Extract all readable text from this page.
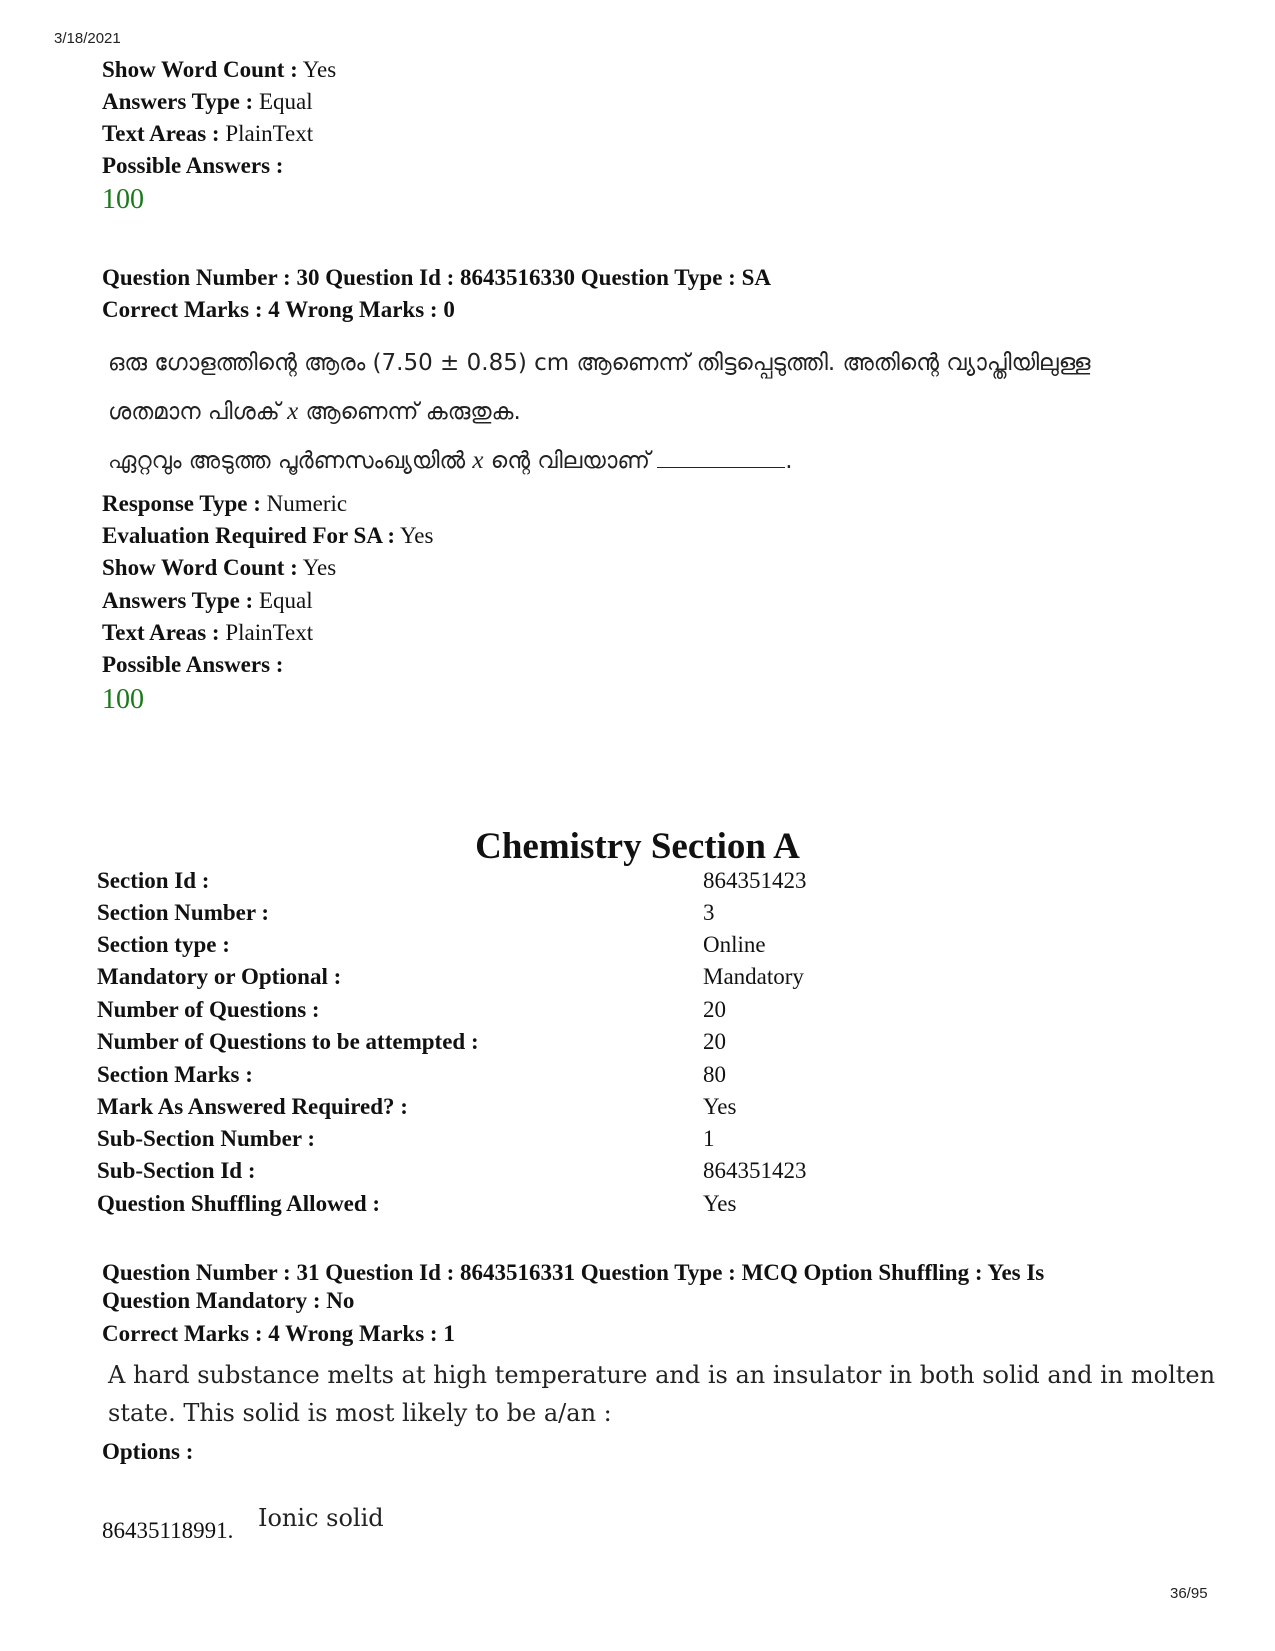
3/18/2021
Show Word Count : Yes
Answers Type : Equal
Text Areas : PlainText
Possible Answers :
100
Question Number : 30 Question Id : 8643516330 Question Type : SA
Correct Marks : 4 Wrong Marks : 0
ഒരു ഗോളത്തിന്റെ ആരം (7.50 ± 0.85) cm ആണെന്ന് തിട്ടപ്പെടുത്തി. അതിന്റെ വ്യാപ്തിയിലുള്ള
ശതമാന പിശക് x ആണെന്ന് കരുതുക.
ഏറ്റവും അടുത്ത പൂർണസംഖ്യയിൽ x ന്റെ വിലയാണ്	.
Response Type : Numeric
Evaluation Required For SA : Yes
Show Word Count : Yes
Answers Type : Equal
Text Areas : PlainText
Possible Answers :
100
Chemistry Section A
Section Id :	864351423
Section Number :	3
Section type :	Online
Mandatory or Optional :	Mandatory
Number of Questions :	20
Number of Questions to be attempted :	20
Section Marks :	80
Mark As Answered Required? :	Yes
Sub-Section Number :	1
Sub-Section Id :	864351423
Question Shuffling Allowed :	Yes
Question Number : 31 Question Id : 8643516331 Question Type : MCQ Option Shuffling : Yes Is
Question Mandatory : No
Correct Marks : 4 Wrong Marks : 1
A hard substance melts at high temperature and is an insulator in both solid and in molten
state. This solid is most likely to be a/an :
Options :
86435118991. Ionic solid
36/95
